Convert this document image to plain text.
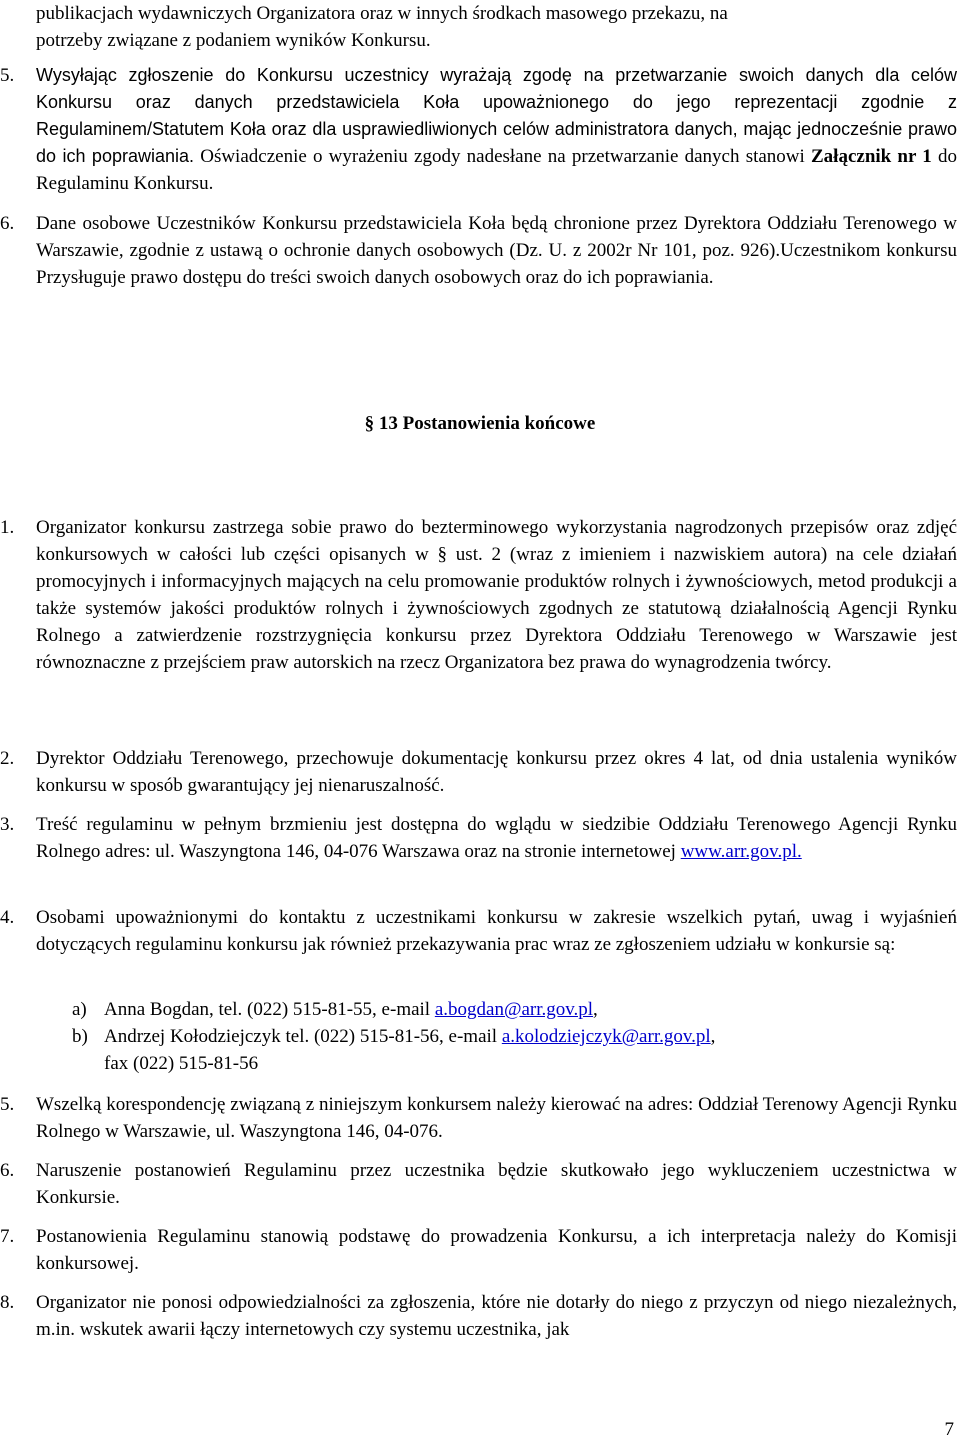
publikacjach wydawniczych Organizatora oraz w innych środkach masowego przekazu, na
potrzeby związane z podaniem wyników Konkursu.
5.	Wysyłając zgłoszenie do Konkursu uczestnicy wyrażają zgodę na przetwarzanie swoich danych dla celów Konkursu oraz danych przedstawiciela Koła upoważnionego do jego reprezentacji zgodnie z Regulaminem/Statutem Koła oraz dla usprawiedliwionych celów administratora danych, mając jednocześnie prawo do ich poprawiania. Oświadczenie o wyrażeniu zgody nadesłane na przetwarzanie danych stanowi Załącznik nr 1 do Regulaminu Konkursu.
6.	Dane osobowe Uczestników Konkursu przedstawiciela Koła będą chronione przez Dyrektora Oddziału Terenowego w Warszawie, zgodnie z ustawą o ochronie danych osobowych (Dz. U. z 2002r Nr 101, poz. 926).Uczestnikom konkursu Przysługuje prawo dostępu do treści swoich danych osobowych oraz do ich poprawiania.
§ 13 Postanowienia końcowe
1.	Organizator konkursu zastrzega sobie prawo do bezterminowego wykorzystania nagrodzonych przepisów oraz zdjęć konkursowych w całości lub części opisanych w § ust. 2 (wraz z imieniem i nazwiskiem autora) na cele działań promocyjnych i informacyjnych mających na celu promowanie produktów rolnych i żywnościowych, metod produkcji a także systemów jakości produktów rolnych i żywnościowych zgodnych ze statutową działalnością Agencji Rynku Rolnego a zatwierdzenie rozstrzygnięcia konkursu przez Dyrektora Oddziału Terenowego w Warszawie jest równoznaczne z przejściem praw autorskich na rzecz Organizatora bez prawa do wynagrodzenia twórcy.
2.	Dyrektor Oddziału Terenowego, przechowuje dokumentację konkursu przez okres 4 lat, od dnia ustalenia wyników konkursu w sposób gwarantujący jej nienaruszalność.
3.	Treść regulaminu w pełnym brzmieniu jest dostępna do wglądu w siedzibie Oddziału Terenowego Agencji Rynku Rolnego adres: ul. Waszyngtona 146, 04-076 Warszawa oraz na stronie internetowej www.arr.gov.pl.
4.	Osobami upoważnionymi do kontaktu z uczestnikami konkursu w zakresie wszelkich pytań, uwag i wyjaśnień dotyczących regulaminu konkursu jak również przekazywania prac wraz ze zgłoszeniem udziału w konkursie są:
a) Anna Bogdan, tel. (022) 515-81-55, e-mail a.bogdan@arr.gov.pl,
b) Andrzej Kołodziejczyk tel. (022) 515-81-56, e-mail a.kolodziejczyk@arr.gov.pl,
fax (022) 515-81-56
5.	Wszelką korespondencję związaną z niniejszym konkursem należy kierować na adres: Oddział Terenowy Agencji Rynku Rolnego w Warszawie, ul. Waszyngtona 146, 04-076.
6.	Naruszenie postanowień Regulaminu przez uczestnika będzie skutkowało jego wykluczeniem uczestnictwa w Konkursie.
7.	Postanowienia Regulaminu stanowią podstawę do prowadzenia Konkursu, a ich interpretacja należy do Komisji konkursowej.
8.	Organizator nie ponosi odpowiedzialności za zgłoszenia, które nie dotarły do niego z przyczyn od niego niezależnych, m.in. wskutek awarii łączy internetowych czy systemu uczestnika, jak
7
